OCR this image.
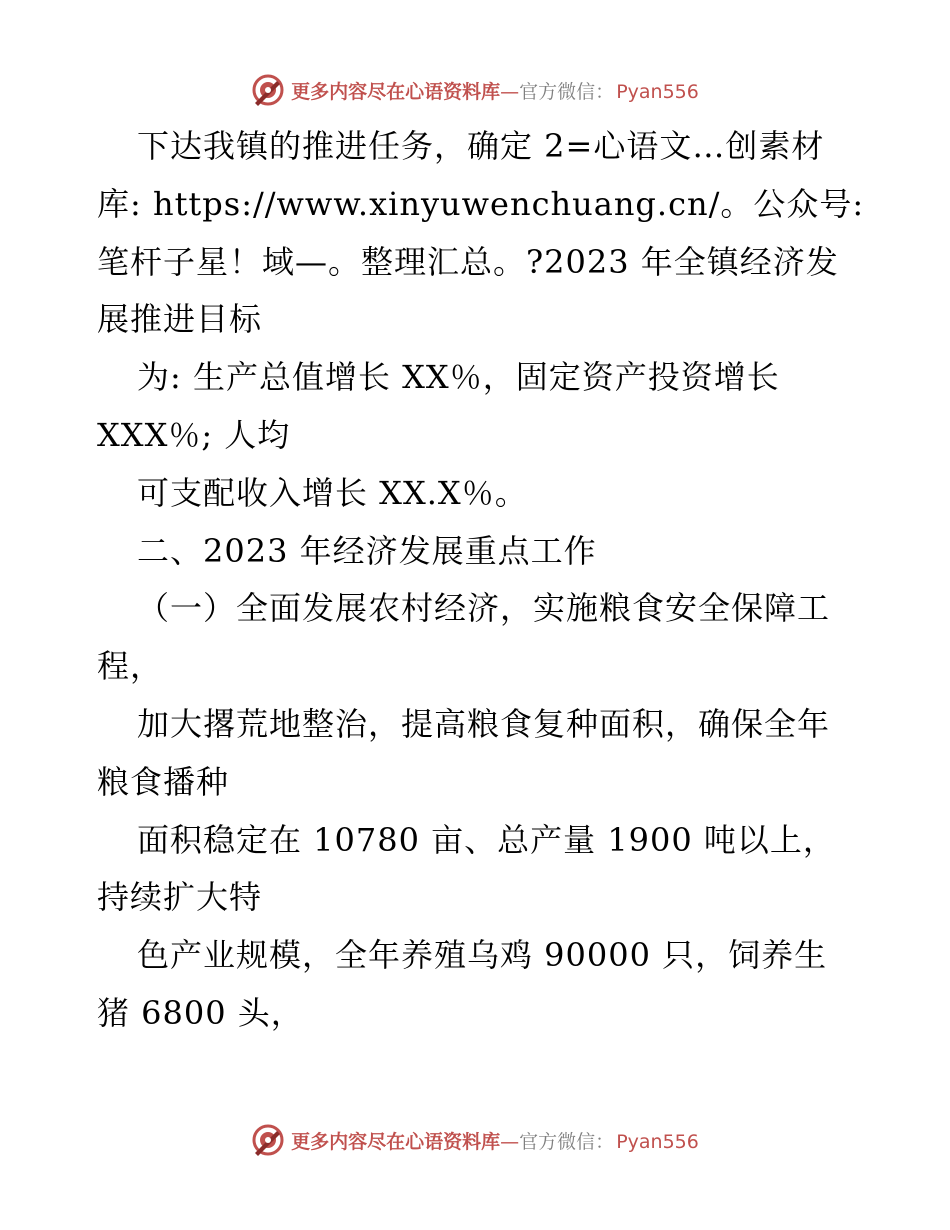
更多内容尽在心语资料库—官方微信： Pyan556
下达我镇的推进任务，确定 2=心语文…创素材
库: https://www.xinyuwenchuang.cn/。公众号:
笔杆子星！域—。整理汇总。?2023 年全镇经济发
展推进目标
为: 生产总值增长 XX％，固定资产投资增长
XXX％; 人均
可支配收入增长 XX.X％。
二、2023 年经济发展重点工作
（一）全面发展农村经济，实施粮食安全保障工
程，
加大撂荒地整治，提高粮食复种面积，确保全年
粮食播种
面积稳定在 10780 亩、总产量 1900 吨以上，
持续扩大特
色产业规模，全年养殖乌鸡 90000 只，饲养生
猪 6800 头，
更多内容尽在心语资料库—官方微信： Pyan556
